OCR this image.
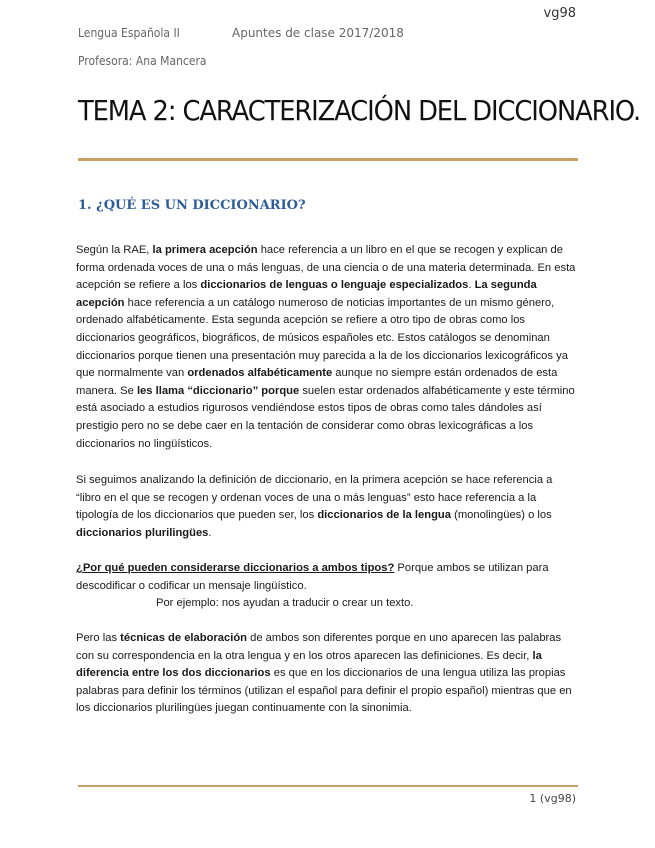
vg98
Lengua Española II	Apuntes de clase 2017/2018
Profesora: Ana Mancera
TEMA 2: CARACTERIZACIÓN DEL DICCIONARIO.
1. ¿QUÉ ES UN DICCIONARIO?

Según la RAE, la primera acepción hace referencia a un libro en el que se recogen y explican de forma ordenada voces de una o más lenguas, de una ciencia o de una materia determinada. En esta acepción se refiere a los diccionarios de lenguas o lenguaje especializados. La segunda acepción hace referencia a un catálogo numeroso de noticias importantes de un mismo género, ordenado alfabéticamente. Esta segunda acepción se refiere a otro tipo de obras como los diccionarios geográficos, biográficos, de músicos españoles etc. Estos catálogos se denominan diccionarios porque tienen una presentación muy parecida a la de los diccionarios lexicográficos ya que normalmente van ordenados alfabéticamente aunque no siempre están ordenados de esta manera. Se les llama “diccionario” porque suelen estar ordenados alfabéticamente y este término está asociado a estudios rigurosos vendiéndose estos tipos de obras como tales dándoles así prestigio pero no se debe caer en la tentación de considerar como obras lexicográficas a los diccionarios no lingüísticos.

Si seguimos analizando la definición de diccionario, en la primera acepción se hace referencia a “libro en el que se recogen y ordenan voces de una o más lenguas” esto hace referencia a la tipología de los diccionarios que pueden ser, los diccionarios de la lengua (monolingües) o los diccionarios plurilingües.

¿Por qué pueden considerarse diccionarios a ambos tipos? Porque ambos se utilizan para descodificar o codificar un mensaje lingüístico.

Por ejemplo: nos ayudan a traducir o crear un texto.

Pero las técnicas de elaboración de ambos son diferentes porque en uno aparecen las palabras con su correspondencia en la otra lengua y en los otros aparecen las definiciones. Es decir, la diferencia entre los dos diccionarios es que en los diccionarios de una lengua utiliza las propias palabras para definir los términos (utilizan el español para definir el propio español) mientras que en los diccionarios plurilingües juegan continuamente con la sinonimia.

1 (vg98)
